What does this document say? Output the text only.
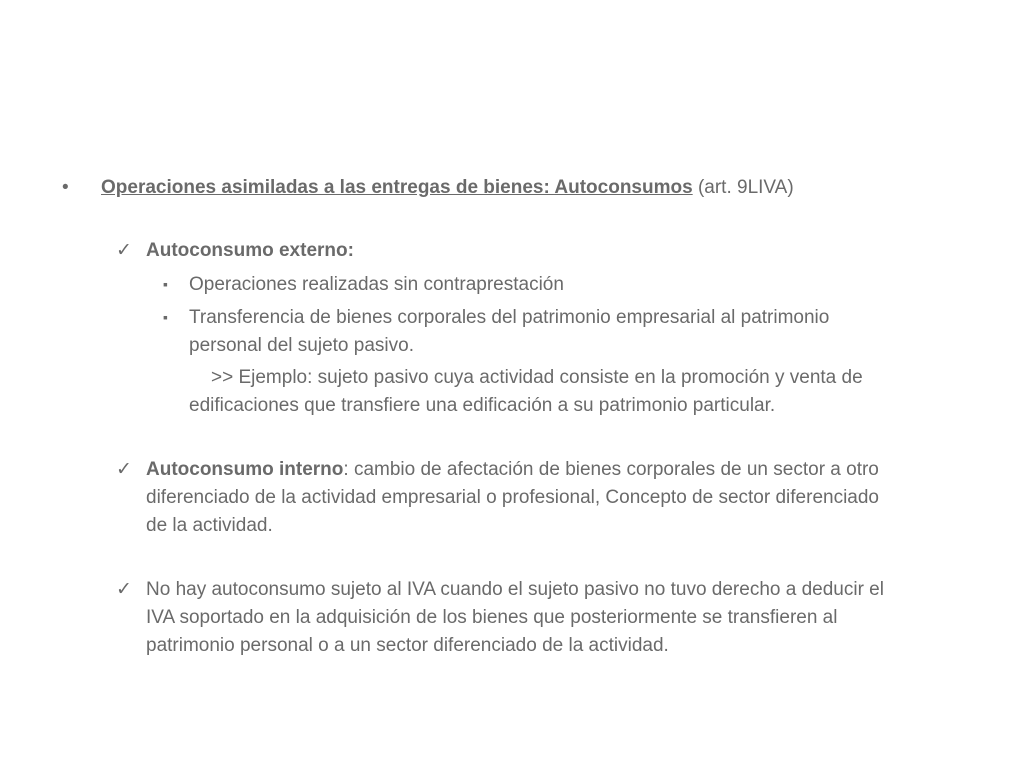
• Operaciones asimiladas a las entregas de bienes: Autoconsumos (art. 9LIVA)
✓ Autoconsumo externo:
▪ Operaciones realizadas sin contraprestación
▪ Transferencia de bienes corporales del patrimonio empresarial al patrimonio
personal del sujeto pasivo.
>> Ejemplo: sujeto pasivo cuya actividad consiste en la promoción y venta de
edificaciones que transfiere una edificación a su patrimonio particular.
✓ Autoconsumo interno: cambio de afectación de bienes corporales de un sector a otro
diferenciado de la actividad empresarial o profesional, Concepto de sector diferenciado
de la actividad.
✓ No hay autoconsumo sujeto al IVA cuando el sujeto pasivo no tuvo derecho a deducir el
IVA soportado en la adquisición de los bienes que posteriormente se transfieren al
patrimonio personal o a un sector diferenciado de la actividad.
